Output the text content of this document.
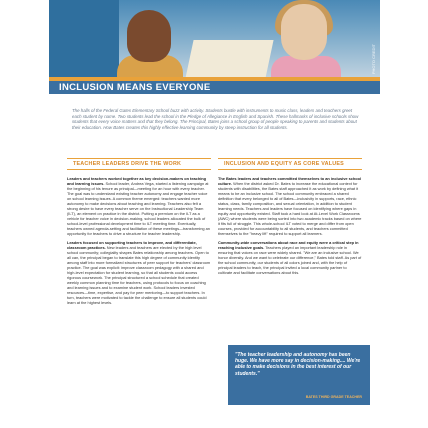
PHOTO CREDIT
INCLUSION MEANS EVERYONE
The halls of the Federal Gates Elementary School buzz with activity. Students bustle with instruments to music class, leaders and teachers greet each student by name. Two students lead the school in the Pledge of Allegiance in English and Spanish. These hallmarks of inclusive schools show students that every voice matters and that they belong. The Principal, Bates joins a school group of people speaking to parents and students about their education. How Bates creates this highly effective learning community by steep instruction for all students.
TEACHER LEADERS DRIVE THE WORK	INCLUSION AND EQUITY AS CORE VALUES

Leaders and teachers worked together as key decision-makers on teaching and learning issues. School leader, Andrea Vega, started a listening campaign at the beginning of his tenure as principal—meeting for an hour with every teacher. The goal was to understand existing teacher autonomy and engage teacher voice on school learning issues. A common theme emerged: teachers wanted more autonomy to make decisions about teaching and learning. Teachers also felt a strong desire to have every teacher serve on the Instructional Leadership Team (ILT), an element on practice in the district. Putting a premium on the ILT as a vehicle for teacher voice in decision-making, school leaders allocated the bulk of school-level professional development time to ILT meeting time. Eventually, teachers owned agenda-setting and facilitation of these meetings—transforming an opportunity for teachers to drive a structure for teacher leadership.

Leaders focused on supporting teachers to improve, and differentiate, classroom practices. New leaders and teachers are elected by the high level school community; collegiality shapes Bates relationship among teachers. Open to all can, the principal began to translate this high degree of community identity among staff into more formalized structures of peer support for teachers' classroom practice. The goal was explicit: improve classroom pedagogy with a shared and high-level expectation for student learning, so that all students could access rigorous coursework. The principal structured a school schedule that created weekly common planning time for teachers, using protocols to focus on coaching and learning issues and to examine student work. School leaders invested resources—time, expertise, and pay for peer mentoring—to support teachers. In turn, teachers were motivated to tackle the challenge to ensure all students could learn at the highest levels.

The Bates leaders and teachers committed themselves to an inclusive school culture. When the district asked Dr. Bates to increase the educational context for students with disabilities, the Bates staff approached it as work by defining what it means to be an inclusive school. The school community embraced a shared definition that every belonged to all of Bates—inclusivity in supports, race, ethnic status, class, family composition, and sexual orientation, in addition to student learning needs. Teachers and leaders have focused on identifying where gaps in equity and opportunity existed. Staff took a hard look at At-Level Work Classrooms (AWC) where students were being sorted into two academic tracks based on where it fits full of struggle. This whole-school ILT voted to merge and differ from open courses, provided for accountability to all students, and teachers committed themselves to the "heavy lift" required to support all learners.

Community-wide conversations about race and equity were a critical step in reaching inclusive goals. Teachers played an important leadership role in ensuring that voices on race were widely shared. "We are an inclusive school. We honor diversity. And we want to celebrate our difference," Bates told staff. As part of the school community, our students of all colors joined and, with the help of principal leaders to teach, the principal invited a local community partner to cultivate and facilitate conversations about this.

"The teacher leadership and autonomy has been huge. We have more say in decision-making.... We're able to make decisions in the best interest of our students."
BATES THIRD GRADE TEACHER
